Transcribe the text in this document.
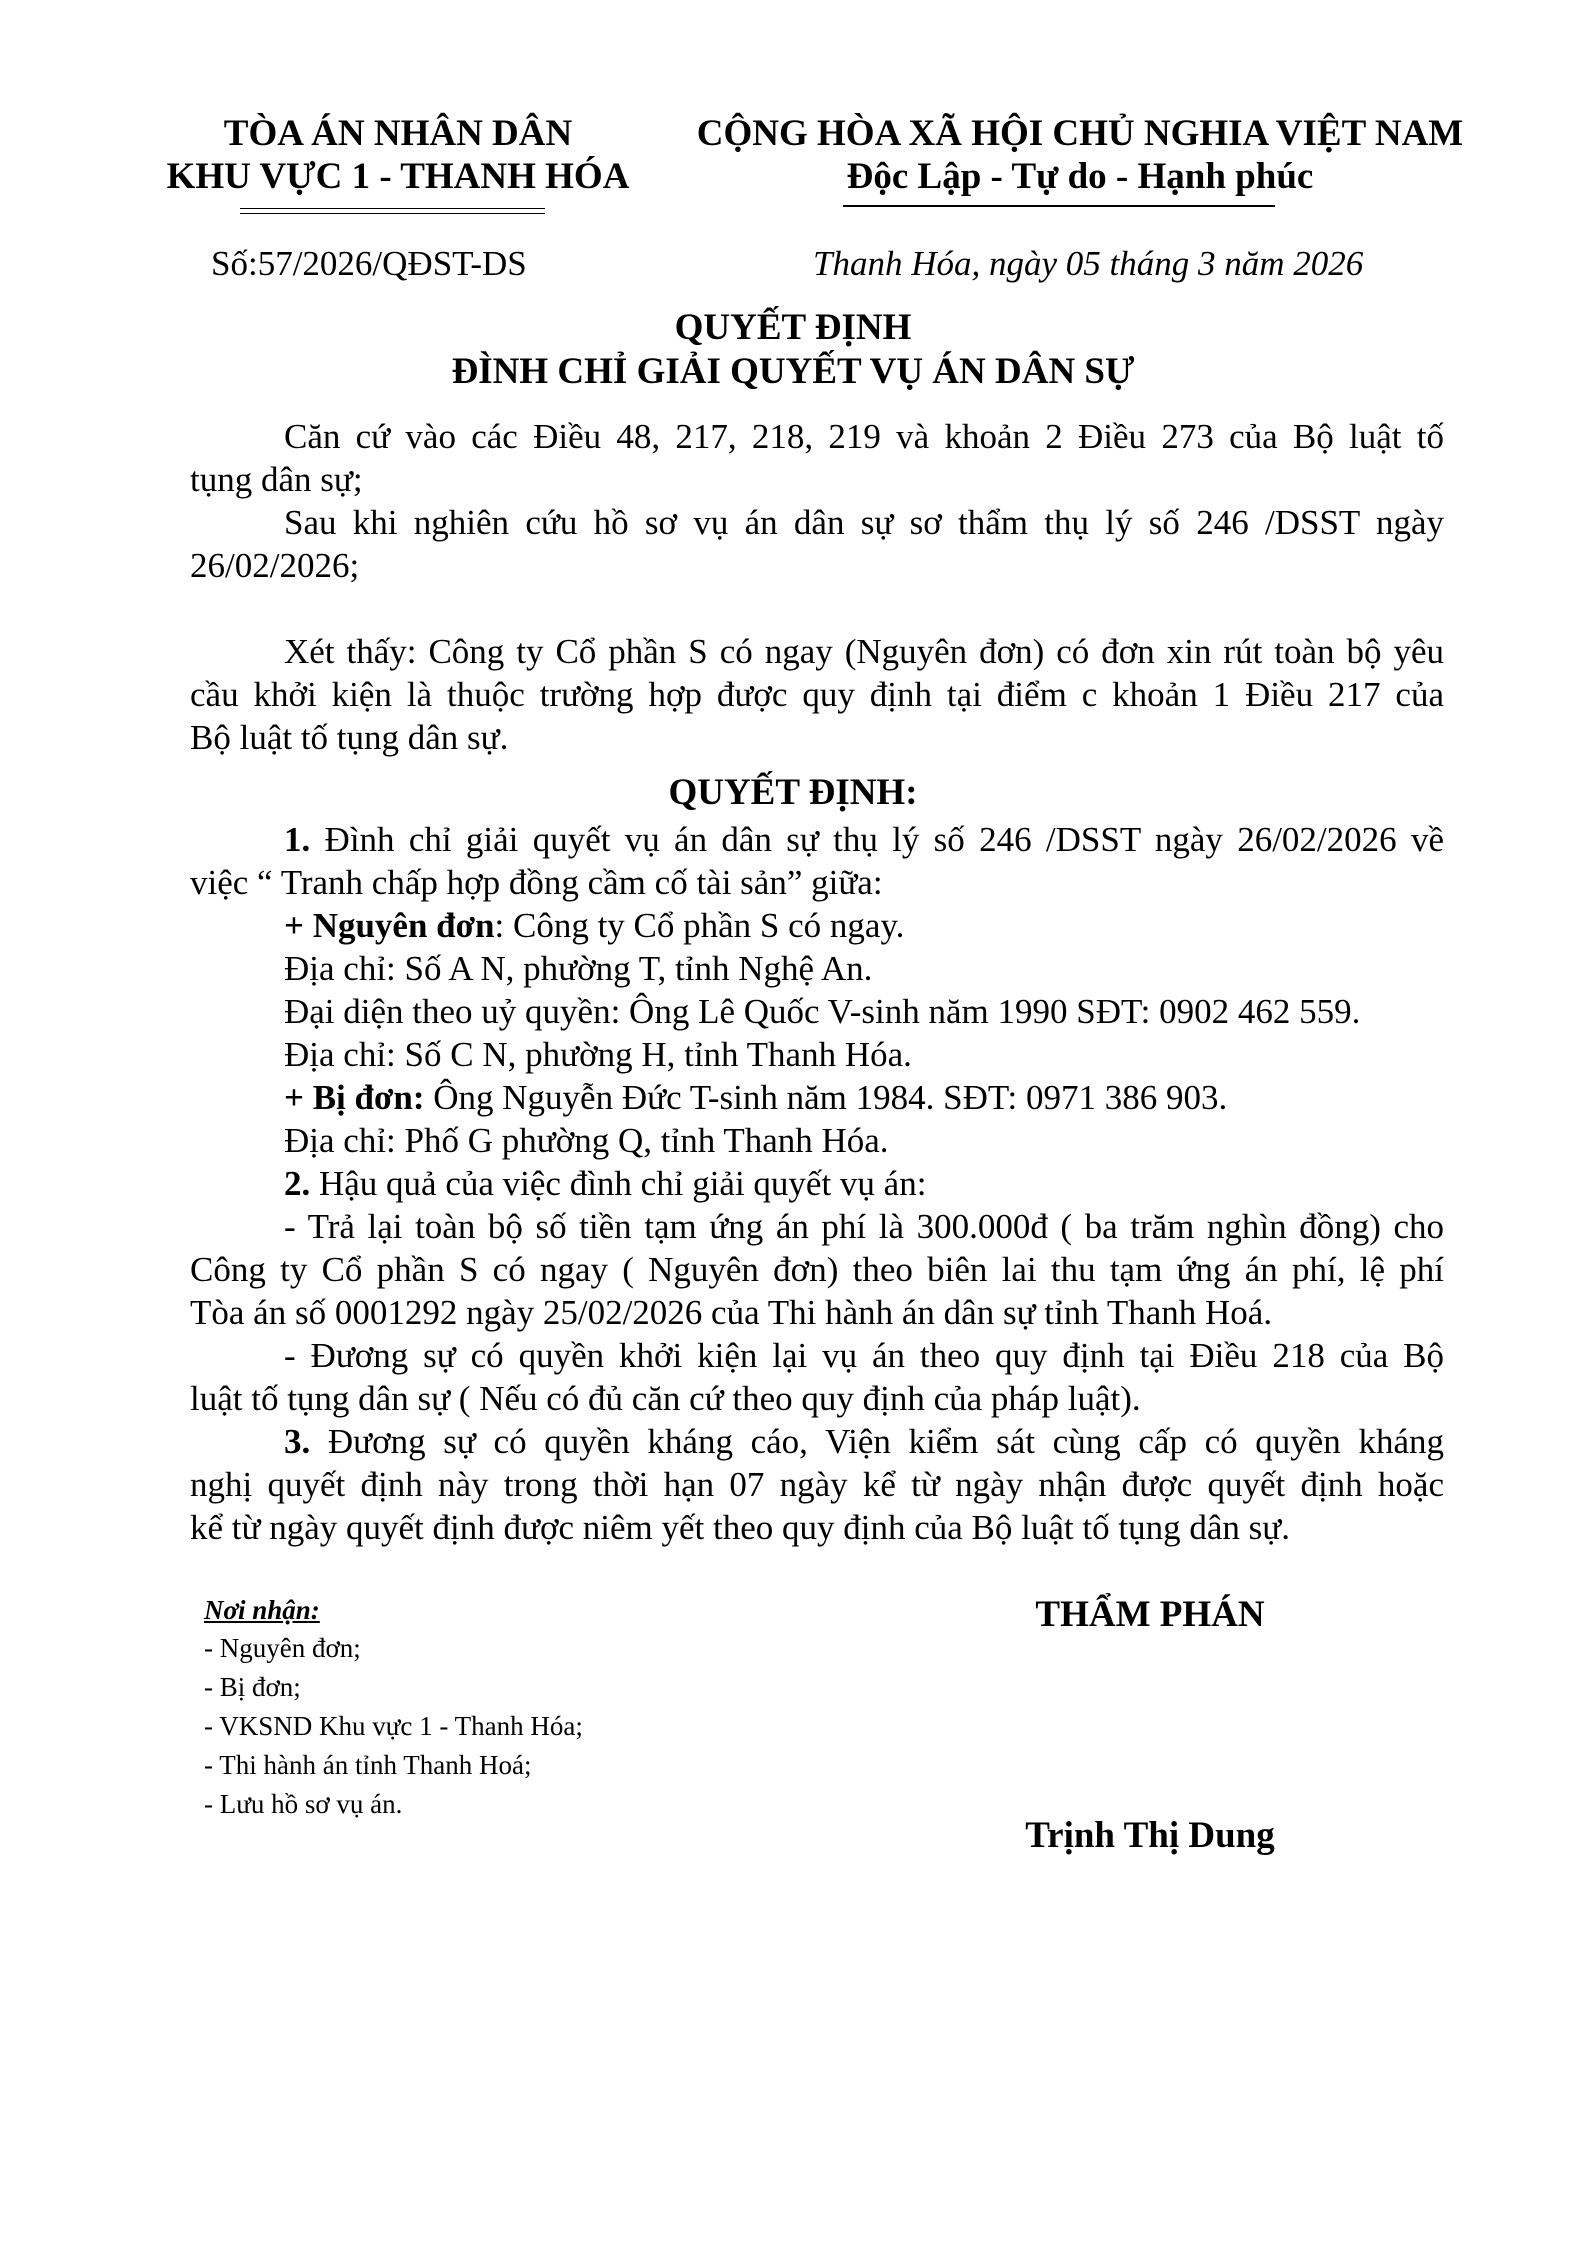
TÒA ÁN NHÂN DÂN
KHU VỰC 1 - THANH HÓA
CỘNG HÒA XÃ HỘI CHỦ NGHIA VIỆT NAM
Độc Lập - Tự do - Hạnh phúc
Số:57/2026/QĐST-DS	Thanh Hóa, ngày 05 tháng 3 năm 2026
QUYẾT ĐỊNH
ĐÌNH CHỈ GIẢI QUYẾT VỤ ÁN DÂN SỰ
Căn cứ vào các Điều 48, 217, 218, 219 và khoản 2 Điều 273 của Bộ luật tố
tụng dân sự;
Sau khi nghiên cứu hồ sơ vụ án dân sự sơ thẩm thụ lý số 246 /DSST ngày
26/02/2026;
Xét thấy: Công ty Cổ phần S có ngay (Nguyên đơn) có đơn xin rút toàn bộ yêu
cầu khởi kiện là thuộc trường hợp được quy định tại điểm c khoản 1 Điều 217 của
Bộ luật tố tụng dân sự.
QUYẾT ĐỊNH:
1. Đình chỉ giải quyết vụ án dân sự thụ lý số 246 /DSST ngày 26/02/2026 về
việc “ Tranh chấp hợp đồng cầm cố tài sản” giữa:
+ Nguyên đơn: Công ty Cổ phần S có ngay.
Địa chỉ: Số A N, phường T, tỉnh Nghệ An.
Đại diện theo uỷ quyền: Ông Lê Quốc V-sinh năm 1990 SĐT: 0902 462 559.
Địa chỉ: Số C N, phường H, tỉnh Thanh Hóa.
+ Bị đơn: Ông Nguyễn Đức T-sinh năm 1984. SĐT: 0971 386 903.
Địa chỉ: Phố G phường Q, tỉnh Thanh Hóa.
2. Hậu quả của việc đình chỉ giải quyết vụ án:
- Trả lại toàn bộ số tiền tạm ứng án phí là 300.000đ ( ba trăm nghìn đồng) cho
Công ty Cổ phần S có ngay ( Nguyên đơn) theo biên lai thu tạm ứng án phí, lệ phí
Tòa án số 0001292 ngày 25/02/2026 của Thi hành án dân sự tỉnh Thanh Hoá.
- Đương sự có quyền khởi kiện lại vụ án theo quy định tại Điều 218 của Bộ
luật tố tụng dân sự ( Nếu có đủ căn cứ theo quy định của pháp luật).
3. Đương sự có quyền kháng cáo, Viện kiểm sát cùng cấp có quyền kháng
nghị quyết định này trong thời hạn 07 ngày kể từ ngày nhận được quyết định hoặc
kể từ ngày quyết định được niêm yết theo quy định của Bộ luật tố tụng dân sự.
Nơi nhận:
- Nguyên đơn;
- Bị đơn;
- VKSND Khu vực 1 - Thanh Hóa;
- Thi hành án tỉnh Thanh Hoá;
- Lưu hồ sơ vụ án.
THẨM PHÁN
Trịnh Thị Dung
